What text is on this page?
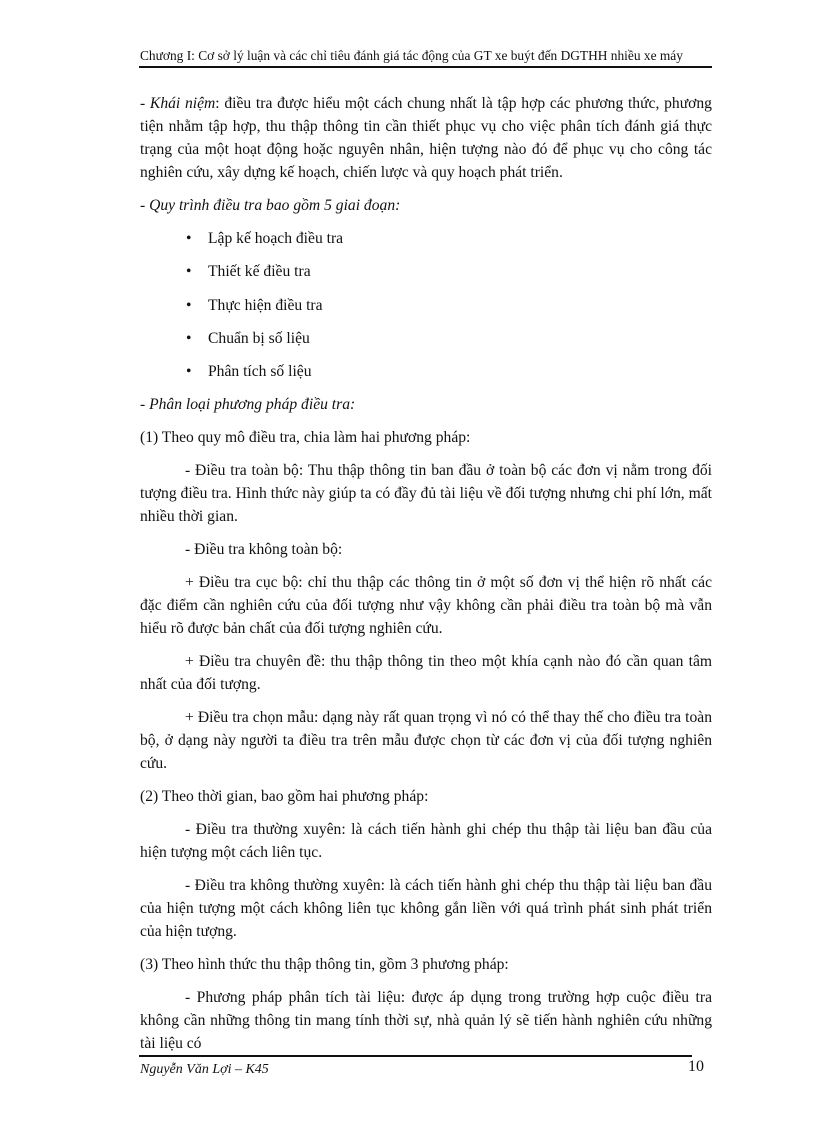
Chương I: Cơ sở lý luận và các chỉ tiêu đánh giá tác động của GT xe buýt đến DGTHH nhiều xe máy

- Khái niệm: điều tra được hiểu một cách chung nhất là tập hợp các phương thức, phương tiện nhằm tập hợp, thu thập thông tin cần thiết phục vụ cho việc phân tích đánh giá thực trạng của một hoạt động hoặc nguyên nhân, hiện tượng nào đó để phục vụ cho công tác nghiên cứu, xây dựng kế hoạch, chiến lược và quy hoạch phát triển.

- Quy trình điều tra bao gồm 5 giai đoạn:

• Lập kế hoạch điều tra
• Thiết kế điều tra
• Thực hiện điều tra
• Chuẩn bị số liệu
• Phân tích số liệu

- Phân loại phương pháp điều tra:

(1) Theo quy mô điều tra, chia làm hai phương pháp:

- Điều tra toàn bộ: Thu thập thông tin ban đầu ở toàn bộ các đơn vị nằm trong đối tượng điều tra. Hình thức này giúp ta có đầy đủ tài liệu về đối tượng nhưng chi phí lớn, mất nhiều thời gian.

- Điều tra không toàn bộ:

+ Điều tra cục bộ: chỉ thu thập các thông tin ở một số đơn vị thể hiện rõ nhất các đặc điểm cần nghiên cứu của đối tượng như vậy không cần phải điều tra toàn bộ mà vẫn hiểu rõ được bản chất của đối tượng nghiên cứu.

+ Điều tra chuyên đề: thu thập thông tin theo một khía cạnh nào đó cần quan tâm nhất của đối tượng.

+ Điều tra chọn mẫu: dạng này rất quan trọng vì nó có thể thay thế cho điều tra toàn bộ, ở dạng này người ta điều tra trên mẫu được chọn từ các đơn vị của đối tượng nghiên cứu.

(2) Theo thời gian, bao gồm hai phương pháp:

- Điều tra thường xuyên: là cách tiến hành ghi chép thu thập tài liệu ban đầu của hiện tượng một cách liên tục.

- Điều tra không thường xuyên: là cách tiến hành ghi chép thu thập tài liệu ban đầu của hiện tượng một cách không liên tục không gắn liền với quá trình phát sinh phát triển của hiện tượng.

(3) Theo hình thức thu thập thông tin, gồm 3 phương pháp:

- Phương pháp phân tích tài liệu: được áp dụng trong trường hợp cuộc điều tra không cần những thông tin mang tính thời sự, nhà quản lý sẽ tiến hành nghiên cứu những tài liệu có

Nguyễn Văn Lợi – K45	10
